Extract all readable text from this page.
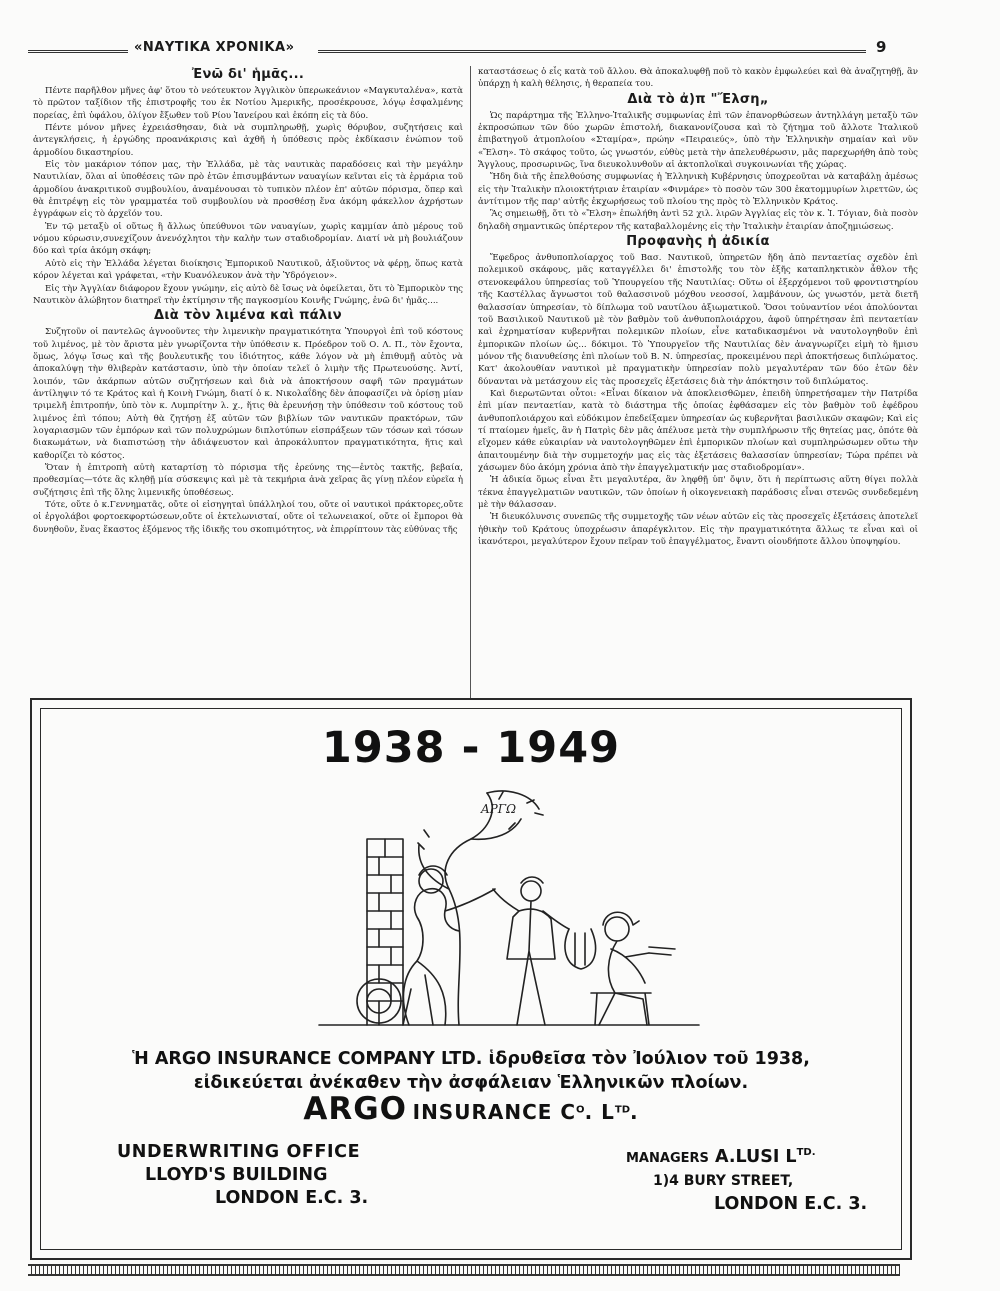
«ΝΑΥΤΙΚΑ ΧΡΟΝΙΚΑ»	9
Ἐνῶ δι' ἡμᾶς...

Πέντε παρῆλθον μῆνες ἀφ' ὅτου τὸ νεότευκτον Ἀγγλικὸν ὑπερωκεάνιον «Μαγκυταλένα», κατὰ τὸ πρῶτον ταξίδιον τῆς ἐπιστροφῆς του ἐκ Νοτίου Ἀμερικῆς, προσέκρουσε, λόγῳ ἐσφαλμένης πορείας, ἐπὶ ὑφάλου, ὀλίγον ἔξωθεν τοῦ Ρίου Ἰανείρου καὶ ἐκόπη εἰς τὰ δύο.

Πέντε μόνον μῆνες ἐχρειάσθησαν, διὰ νὰ συμπληρωθῇ, χωρὶς θόρυβον, συζητήσεις καὶ ἀντεγκλήσεις, ἡ ἐργώδης προανάκρισις καὶ ἀχθῆ ἡ ὑπόθεσις πρὸς ἐκδίκασιν ἐνώπιον τοῦ ἁρμοδίου δικαστηρίου.

Εἰς τὸν μακάριον τόπον μας, τὴν Ἑλλάδα, μὲ τὰς ναυτικὰς παραδόσεις καὶ τὴν μεγάλην Ναυτιλίαν, ὅλαι αἱ ὑποθέσεις τῶν πρὸ ἐτῶν ἐπισυμβάντων ναυαγίων κεῖνται εἰς τὰ ἐρμάρια τοῦ ἁρμοδίου ἀνακριτικοῦ συμβουλίου, ἀναμένουσαι τὸ τυπικὸν πλέον ἐπ' αὐτῶν πόρισμα, ὅπερ καὶ θὰ ἐπιτρέψῃ εἰς τὸν γραμματέα τοῦ συμβουλίου νὰ προσθέσῃ ἕνα ἀκόμη φάκελλον ἀχρήστων ἐγγράφων εἰς τὸ ἀρχεῖόν του.

Ἐν τῷ μεταξὺ οἱ οὕτως ἢ ἄλλως ὑπεύθυνοι τῶν ναυαγίων, χωρὶς καμμίαν ἀπὸ μέρους τοῦ νόμου κύρωσιν,συνεχίζουν ἀνενόχλητοι τὴν καλὴν των σταδιοδρομίαν. Διατί νὰ μὴ βουλιάζουν δύο καὶ τρία ἀκόμη σκάφη;

Αὐτὸ εἰς τὴν Ἑλλάδα λέγεται διοίκησις Ἐμπορικοῦ Ναυτικοῦ, ἀξιοῦντος νὰ φέρῃ, ὅπως κατὰ κόρον λέγεται καὶ γράφεται, «τὴν Κυανόλευκον ἀνὰ τὴν Ὑδρόγειον».

Εἰς τὴν Ἀγγλίαν διάφορον ἔχουν γνώμην, εἰς αὐτὸ δὲ ἴσως νὰ ὀφείλεται, ὅτι τὸ Ἐμπορικὸν της Ναυτικὸν ἀλώβητον διατηρεῖ τὴν ἐκτίμησιν τῆς παγκοσμίου Κοινῆς Γνώμης, ἐνῶ δι' ἡμᾶς....

Διὰ τὸν λιμένα καὶ πάλιν

Συζητοῦν οἱ παντελῶς ἀγνοοῦντες τὴν λιμενικὴν πραγματικότητα Ὑπουργοὶ ἐπὶ τοῦ κόστους τοῦ λιμένος, μὲ τὸν ἄριστα μὲν γνωρίζοντα τὴν ὑπόθεσιν κ. Πρόεδρον τοῦ Ο. Λ. Π., τὸν ἔχοντα, ὅμως, λόγῳ ἴσως καὶ τῆς βουλευτικῆς του ἰδιότητος, κάθε λόγον νὰ μὴ ἐπιθυμῇ αὐτὸς νὰ ἀποκαλύψῃ τὴν θλιβερὰν κατάστασιν, ὑπὸ τὴν ὁποίαν τελεῖ ὁ λιμὴν τῆς Πρωτευούσης. Ἀντί, λοιπόν, τῶν ἀκάρπων αὐτῶν συζητήσεων καὶ διὰ νὰ ἀποκτήσουν σαφῆ τῶν πραγμάτων ἀντίληψιν τό τε Κράτος καὶ ἡ Κοινὴ Γνώμη, διατί ὁ κ. Νικολαΐδης δὲν ἀποφασίζει νὰ ὁρίσῃ μίαν τριμελῆ ἐπιτροπήν, ὑπὸ τὸν κ. Λυμπρίτην λ. χ., ἥτις θὰ ἐρευνήσῃ τὴν ὑπόθεσιν τοῦ κόστους τοῦ λιμένος ἐπὶ τόπου; Αὐτὴ θὰ ζητήσῃ ἐξ αὐτῶν τῶν βιβλίων τῶν ναυτικῶν πρακτόρων, τῶν λογαριασμῶν τῶν ἐμπόρων καὶ τῶν πολυχρώμων διπλοτύπων εἰσπράξεων τῶν τόσων καὶ τόσων διακωμάτων, νὰ διαπιστώσῃ τὴν ἀδιάψευστον καὶ ἀπροκάλυπτον πραγματικότητα, ἥτις καὶ καθορίζει τὸ κόστος.

Ὅταν ἡ ἐπιτροπὴ αὐτὴ καταρτίσῃ τὸ πόρισμα τῆς ἐρεύνης της—ἐντὸς τακτῆς, βεβαία, προθεσμίας—τότε ἂς κληθῇ μία σύσκεψις καὶ μὲ τὰ τεκμήρια ἀνὰ χεῖρας ἂς γίνῃ πλέον εὐρεῖα ἡ συζήτησις ἐπὶ τῆς ὅλης λιμενικῆς ὑποθέσεως.

Τότε, οὔτε ὁ κ.Γεννηματᾶς, οὔτε οἱ εἰσηγηταὶ ὑπάλληλοί του, οὔτε οἱ ναυτικοὶ πράκτορες,οὔτε οἱ ἐργολάβοι φορτοεκφορτώσεων,οὔτε οἱ ἐκτελωνισταί, οὔτε οἱ τελωνειακοί, οὔτε οἱ ἔμποροι θὰ δυνηθοῦν, ἕνας ἕκαστος ἐξόμενος τῆς ἰδικῆς του σκοπιμότητος, νὰ ἐπιρρίπτουν τὰς εὐθύνας τῆς

καταστάσεως ὁ εἷς κατὰ τοῦ ἄλλου. Θὰ ἀποκαλυφθῇ ποῦ τὸ κακὸν ἐμφωλεύει καὶ θὰ ἀναζητηθῇ, ἂν ὑπάρχῃ ἡ καλὴ θέλησις, ἡ θεραπεία του.

Διὰ τὸ ἀ)π "Ἔλση„

Ὡς παράρτημα τῆς Ἑλληνο-Ἰταλικῆς συμφωνίας ἐπὶ τῶν ἐπανορθώσεων ἀντηλλάγη μεταξὺ τῶν ἐκπροσώπων τῶν δύο χωρῶν ἐπιστολή, διακανονίζουσα καὶ τὸ ζήτημα τοῦ ἄλλοτε Ἰταλικοῦ ἐπιβατηγοῦ ἀτμοπλοίου «Σταμίρα», πρώην «Πειραιεύς», ὑπὸ τὴν Ἑλληνικὴν σημαίαν καὶ νῦν «Ἔλση». Τὸ σκάφος τοῦτο, ὡς γνωστόν, εὐθὺς μετὰ τὴν ἀπελευθέρωσιν, μᾶς παρεχωρήθη ἀπὸ τοὺς Ἄγγλους, προσωρινῶς, ἵνα διευκολυνθοῦν αἱ ἀκτοπλοϊκαὶ συγκοινωνίαι τῆς χώρας.

Ἤδη διὰ τῆς ἐπελθούσης συμφωνίας ἡ Ἑλληνικὴ Κυβέρνησις ὑποχρεοῦται νὰ καταβάλῃ ἀμέσως εἰς τὴν Ἰταλικὴν πλοιοκτήτριαν ἑταιρίαν «Φινμάρε» τὸ ποσὸν τῶν 300 ἑκατομμυρίων λιρεττῶν, ὡς ἀντίτιμον τῆς παρ' αὐτῆς ἐκχωρήσεως τοῦ πλοίου της πρὸς τὸ Ἑλληνικὸν Κράτος.

Ἂς σημειωθῇ, ὅτι τὸ «Ἔλση» ἐπωλήθη ἀντὶ 52 χιλ. λιρῶν Ἀγγλίας εἰς τὸν κ. Ἰ. Τόγιαν, διὰ ποσὸν δηλαδὴ σημαντικῶς ὑπέρτερον τῆς καταβαλλομένης εἰς τὴν Ἰταλικὴν ἑταιρίαν ἀποζημιώσεως.

Προφανὴς ἡ ἀδικία

Ἔφεδρος ἀνθυποπλοίαρχος τοῦ Βασ. Ναυτικοῦ, ὑπηρετῶν ἤδη ἀπὸ πενταετίας σχεδὸν ἐπὶ πολεμικοῦ σκάφους, μᾶς καταγγέλλει δι' ἐπιστολῆς του τὸν ἑξῆς καταπληκτικὸν ἆθλον τῆς στενοκεφάλου ὑπηρεσίας τοῦ Ὑπουργείου τῆς Ναυτιλίας: Οὕτω οἱ ἐξερχόμενοι τοῦ φροντιστηρίου τῆς Καστέλλας ἄγνωστοι τοῦ θαλασσινοῦ μόχθου νεοσσοί, λαμβάνουν, ὡς γνωστόν, μετὰ διετῆ θαλασσίαν ὑπηρεσίαν, τὸ δίπλωμα τοῦ ναυτίλου ἀξιωματικοῦ. Ὅσοι τοὐναντίον νέοι ἀπολύονται τοῦ Βασιλικοῦ Ναυτικοῦ μὲ τὸν βαθμὸν τοῦ ἀνθυποπλοιάρχου, ἀφοῦ ὑπηρέτησαν ἐπὶ πενταετίαν καὶ ἐχρηματίσαν κυβερνῆται πολεμικῶν πλοίων, εἶνε καταδικασμένοι νὰ ναυτολογηθοῦν ἐπὶ ἐμπορικῶν πλοίων ὡς... δόκιμοι. Τὸ Ὑπουργεῖον τῆς Ναυτιλίας δὲν ἀναγνωρίζει εἰμὴ τὸ ἥμισυ μόνον τῆς διανυθείσης ἐπὶ πλοίων τοῦ Β. Ν. ὑπηρεσίας, προκειμένου περὶ ἀποκτήσεως διπλώματος. Κατ' ἀκολουθίαν ναυτικοὶ μὲ πραγματικὴν ὑπηρεσίαν πολὺ μεγαλυτέραν τῶν δύο ἐτῶν δὲν δύνανται νὰ μετάσχουν εἰς τὰς προσεχεῖς ἐξετάσεις διὰ τὴν ἀπόκτησιν τοῦ διπλώματος.

Καὶ διερωτῶνται οὗτοι: «Εἶναι δίκαιον νὰ ἀποκλεισθῶμεν, ἐπειδὴ ὑπηρετήσαμεν τὴν Πατρίδα ἐπὶ μίαν πενταετίαν, κατὰ τὸ διάστημα τῆς ὁποίας ἐφθάσαμεν εἰς τὸν βαθμὸν τοῦ ἐφέδρου ἀνθυποπλοιάρχου καὶ εὐδόκιμον ἐπεδείξαμεν ὑπηρεσίαν ὡς κυβερνῆται βασιλικῶν σκαφῶν; Καὶ εἰς τί πταίομεν ἡμεῖς, ἂν ἡ Πατρὶς δὲν μᾶς ἀπέλυσε μετὰ τὴν συμπλήρωσιν τῆς θητείας μας, ὁπότε θὰ εἴχομεν κάθε εὐκαιρίαν νὰ ναυτολογηθῶμεν ἐπὶ ἐμπορικῶν πλοίων καὶ συμπληρώσωμεν οὕτω τὴν ἀπαιτουμένην διὰ τὴν συμμετοχήν μας εἰς τὰς ἐξετάσεις θαλασσίαν ὑπηρεσίαν; Τώρα πρέπει νὰ χάσωμεν δύο ἀκόμη χρόνια ἀπὸ τὴν ἐπαγγελματικήν μας σταδιοδρομίαν».

Ἡ ἀδικία ὅμως εἶναι ἔτι μεγαλυτέρα, ἂν ληφθῇ ὑπ' ὄψιν, ὅτι ἡ περίπτωσις αὕτη θίγει πολλὰ τέκνα ἐπαγγελματιῶν ναυτικῶν, τῶν ὁποίων ἡ οἰκογενειακὴ παράδοσις εἶναι στενῶς συνδεδεμένη μὲ τὴν θάλασσαν.

Ἡ διευκόλυνσις συνεπῶς τῆς συμμετοχῆς τῶν νέων αὐτῶν εἰς τὰς προσεχεῖς ἐξετάσεις ἀποτελεῖ ἠθικὴν τοῦ Κράτους ὑποχρέωσιν ἀπαρέγκλιτον. Εἰς τὴν πραγματικότητα ἄλλως τε εἶναι καὶ οἱ ἱκανότεροι, μεγαλύτερον ἔχουν πεῖραν τοῦ ἐπαγγέλματος, ἔναντι οἱουδήποτε ἄλλου ὑποψηφίου.

1938 - 1949
ΑΡΓΩ
Ἡ ARGO INSURANCE COMPANY LTD. ἱδρυθεῖσα τὸν Ἰούλιον τοῦ 1938,
εἰδικεύεται ἀνέκαθεν τὴν ἀσφάλειαν Ἑλληνικῶν πλοίων.
ARGO INSURANCE $C^O$. $L^{TD}$.
UNDERWRITING OFFICE
LLOYD'S BUILDING
LONDON E.C. 3.
MANAGERS A.LUSI $L^{TD.}$
1)4 BURY STREET,
LONDON E.C. 3.
